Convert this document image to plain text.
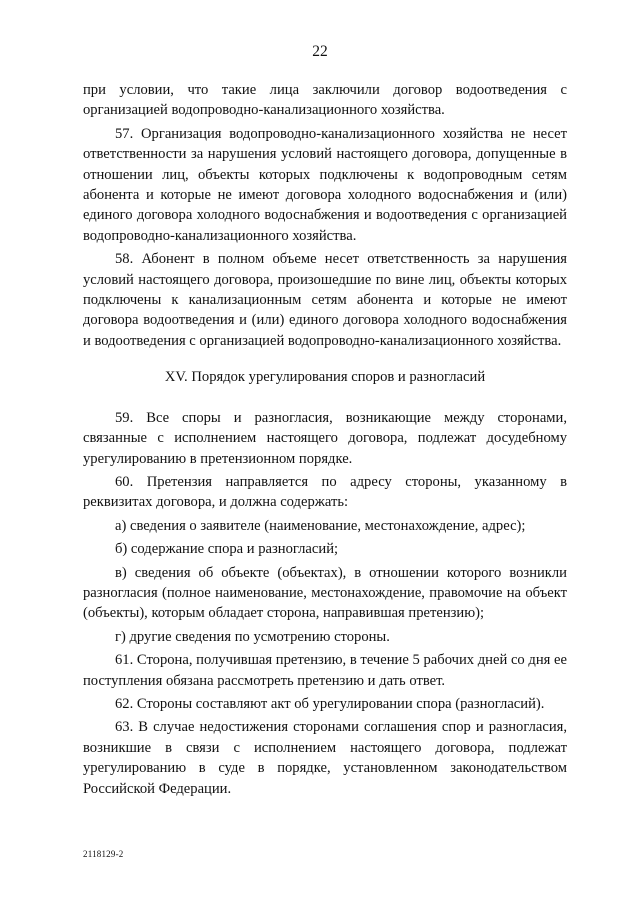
22

при условии, что такие лица заключили договор водоотведения с организацией водопроводно-канализационного хозяйства.

57. Организация водопроводно-канализационного хозяйства не несет ответственности за нарушения условий настоящего договора, допущенные в отношении лиц, объекты которых подключены к водопроводным сетям абонента и которые не имеют договора холодного водоснабжения и (или) единого договора холодного водоснабжения и водоотведения с организацией водопроводно-канализационного хозяйства.

58. Абонент в полном объеме несет ответственность за нарушения условий настоящего договора, произошедшие по вине лиц, объекты которых подключены к канализационным сетям абонента и которые не имеют договора водоотведения и (или) единого договора холодного водоснабжения и водоотведения с организацией водопроводно-канализационного хозяйства.

XV. Порядок урегулирования споров и разногласий

59. Все споры и разногласия, возникающие между сторонами, связанные с исполнением настоящего договора, подлежат досудебному урегулированию в претензионном порядке.

60. Претензия направляется по адресу стороны, указанному в реквизитах договора, и должна содержать:

а) сведения о заявителе (наименование, местонахождение, адрес);

б) содержание спора и разногласий;

в) сведения об объекте (объектах), в отношении которого возникли разногласия (полное наименование, местонахождение, правомочие на объект (объекты), которым обладает сторона, направившая претензию);

г) другие сведения по усмотрению стороны.

61. Сторона, получившая претензию, в течение 5 рабочих дней со дня ее поступления обязана рассмотреть претензию и дать ответ.

62. Стороны составляют акт об урегулировании спора (разногласий).

63. В случае недостижения сторонами соглашения спор и разногласия, возникшие в связи с исполнением настоящего договора, подлежат урегулированию в суде в порядке, установленном законодательством Российской Федерации.

2118129-2
